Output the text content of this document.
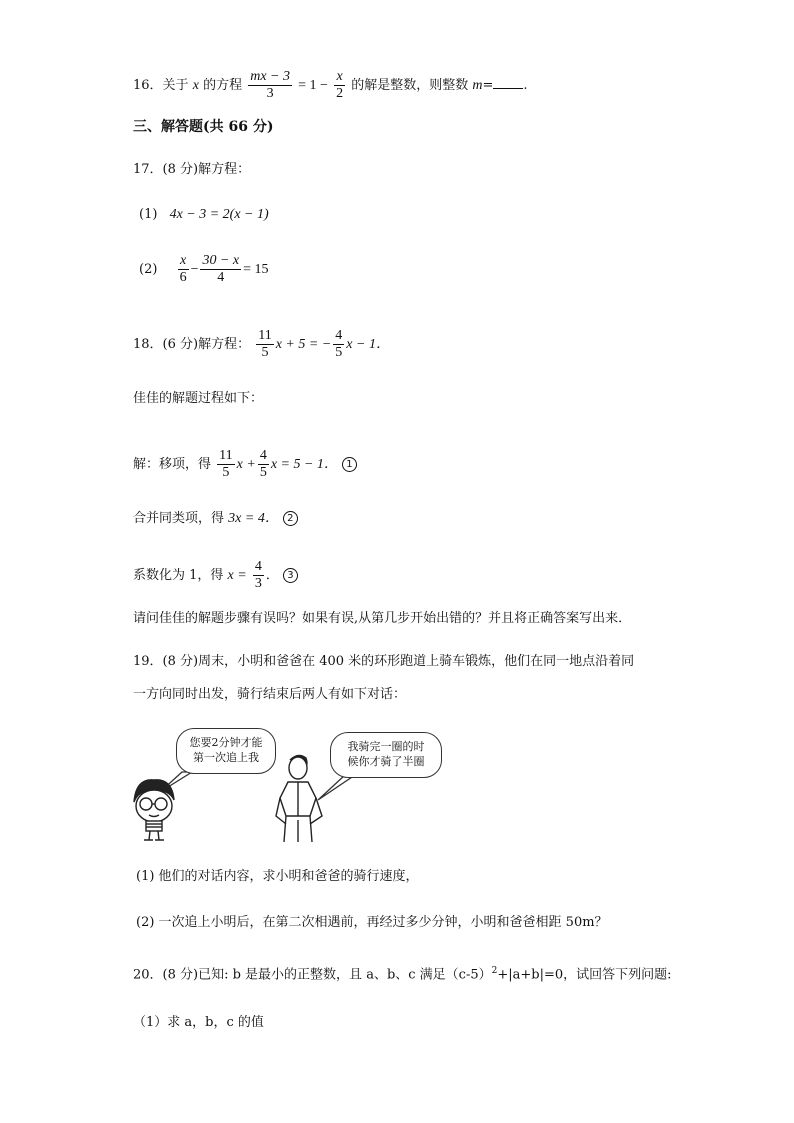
16．关于 x 的方程 $\frac{mx - 3}{3} = 1 - \frac{x}{2}$ 的解是整数，则整数 m= .
三、解答题(共 66 分)
17．(8 分)解方程：
(1) 4x − 3 = 2(x − 1)
$(2) \frac{x}{6} - \frac{30 - x}{4} = 15$
18．(6 分)解方程： $\frac{11}{5}$ x + 5 = − $\frac{4}{5}$ x − 1．
佳佳的解题过程如下：
解：移项，得 $\frac{11}{5}$ $x + \frac{4}{5}$ x = 5 − 1． 1
合并同类项，得 3x = 4． 2
系数化为 1，得 $x = \frac{4}{3}$ ． 3
请问佳佳的解题步骤有误吗？如果有误,从第几步开始出错的？并且将正确答案写出来．
19．(8 分)周末，小明和爸爸在 400 米的环形跑道上骑车锻炼，他们在同一地点沿着同
一方向同时出发，骑行结束后两人有如下对话：
您要2分钟才能
第一次追上我
我骑完一圈的时
候你才骑了半圈
(1) 他们的对话内容，求小明和爸爸的骑行速度，
(2) 一次追上小明后，在第二次相遇前，再经过多少分钟，小明和爸爸相距 50m？
20．(8 分)已知: b 是最小的正整数，且 a、b、c 满足$(c-5)^2+|a+b|=0$，试回答下列问题:
（1）求 a，b，c 的值
